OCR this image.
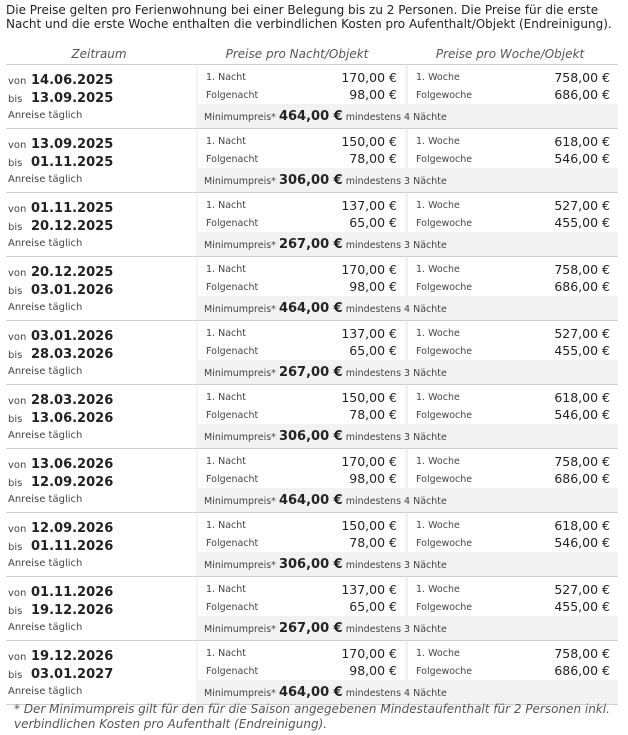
Die Preise gelten pro Ferienwohnung bei einer Belegung bis zu 2 Personen. Die Preise für die erste Nacht und die erste Woche enthalten die verbindlichen Kosten pro Aufenthalt/Objekt (Endreinigung).
Zeitraum	Preise pro Nacht/Objekt	Preise pro Woche/Objekt
von 14.06.2025
bis 13.09.2025
Anreise täglich
1. Nacht	170,00 €
Folgenacht	98,00 €
1. Woche	758,00 €
Folgewoche	686,00 €
Minimumpreis* 464,00 € mindestens 4 Nächte
von 13.09.2025
bis 01.11.2025
Anreise täglich
1. Nacht	150,00 €
Folgenacht	78,00 €
1. Woche	618,00 €
Folgewoche	546,00 €
Minimumpreis* 306,00 € mindestens 3 Nächte
von 01.11.2025
bis 20.12.2025
Anreise täglich
1. Nacht	137,00 €
Folgenacht	65,00 €
1. Woche	527,00 €
Folgewoche	455,00 €
Minimumpreis* 267,00 € mindestens 3 Nächte
von 20.12.2025
bis 03.01.2026
Anreise täglich
1. Nacht	170,00 €
Folgenacht	98,00 €
1. Woche	758,00 €
Folgewoche	686,00 €
Minimumpreis* 464,00 € mindestens 4 Nächte
von 03.01.2026
bis 28.03.2026
Anreise täglich
1. Nacht	137,00 €
Folgenacht	65,00 €
1. Woche	527,00 €
Folgewoche	455,00 €
Minimumpreis* 267,00 € mindestens 3 Nächte
von 28.03.2026
bis 13.06.2026
Anreise täglich
1. Nacht	150,00 €
Folgenacht	78,00 €
1. Woche	618,00 €
Folgewoche	546,00 €
Minimumpreis* 306,00 € mindestens 3 Nächte
von 13.06.2026
bis 12.09.2026
Anreise täglich
1. Nacht	170,00 €
Folgenacht	98,00 €
1. Woche	758,00 €
Folgewoche	686,00 €
Minimumpreis* 464,00 € mindestens 4 Nächte
von 12.09.2026
bis 01.11.2026
Anreise täglich
1. Nacht	150,00 €
Folgenacht	78,00 €
1. Woche	618,00 €
Folgewoche	546,00 €
Minimumpreis* 306,00 € mindestens 3 Nächte
von 01.11.2026
bis 19.12.2026
Anreise täglich
1. Nacht	137,00 €
Folgenacht	65,00 €
1. Woche	527,00 €
Folgewoche	455,00 €
Minimumpreis* 267,00 € mindestens 3 Nächte
von 19.12.2026
bis 03.01.2027
Anreise täglich
1. Nacht	170,00 €
Folgenacht	98,00 €
1. Woche	758,00 €
Folgewoche	686,00 €
Minimumpreis* 464,00 € mindestens 4 Nächte
* Der Minimumpreis gilt für den für die Saison angegebenen Mindestaufenthalt für 2 Personen inkl. verbindlichen Kosten pro Aufenthalt (Endreinigung).
